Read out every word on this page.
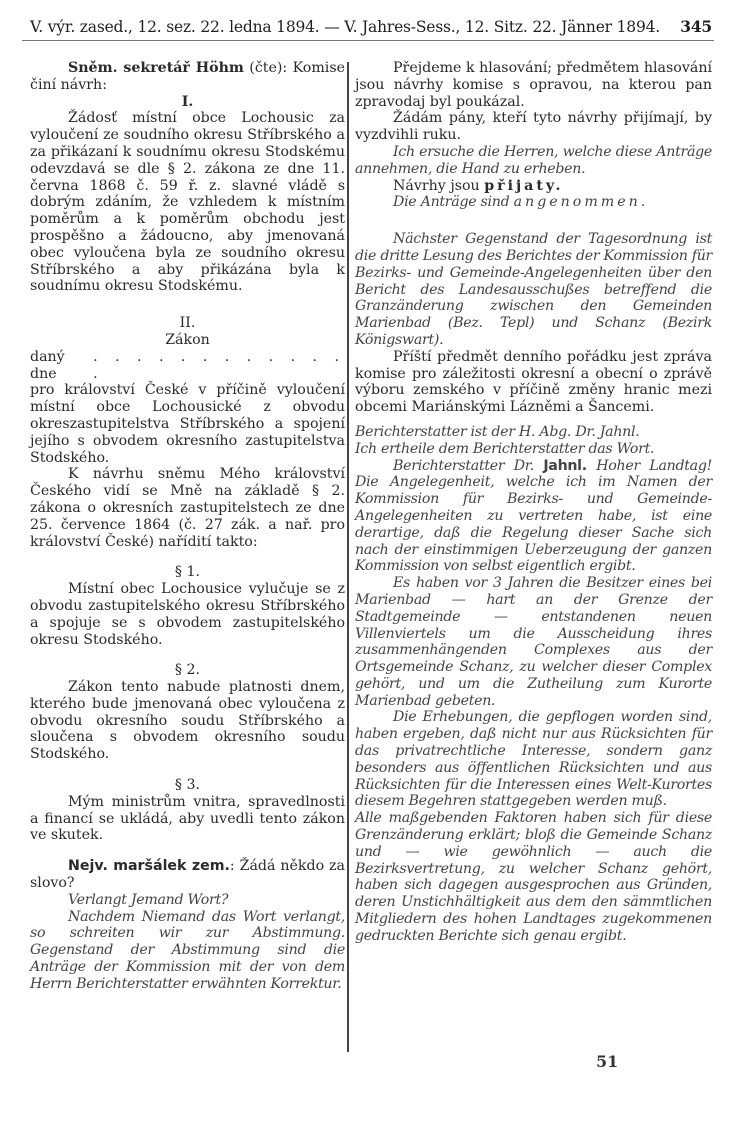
V. výr. zased., 12. sez. 22. ledna 1894. — V. Jahres-Sess., 12. Sitz. 22. Jänner 1894. 345

Sněm. sekretář Höhm (čte): Komise činí návrh:

I.

Žádosť místní obce Lochousic za vyloučení ze soudního okresu Stříbrského a za přikázaní k soudnímu okresu Stodskému odevzdavá se dle § 2. zákona ze dne 11. června 1868 č. 59 ř. z. slavné vládě s dobrým zdáním, že vzhledem k místním poměrům a k poměrům obchodu jest prospěšno a žádoucno, aby jmenovaná obec vyloučena byla ze soudního okresu Stříbrského a aby přikázána byla k soudnímu okresu Stodskému.

II.

Zákon

daný dne
. . . . . . . . . . . . .

pro království České v příčině vyloučení místní obce Lochousické z obvodu okreszastupitelstva Stříbrského a spojení jejího s obvodem okresního zastupitelstva Stodského.

K návrhu sněmu Mého království Českého vidí se Mně na základě § 2. zákona o okresních zastupitelstech ze dne 25. července 1864 (č. 27 zák. a nař. pro království České) nařídití takto:

§ 1.

Místní obec Lochousice vylučuje se z obvodu zastupitelského okresu Stříbrského a spojuje se s obvodem zastupitelského okresu Stodského.

§ 2.

Zákon tento nabude platnosti dnem, kterého bude jmenovaná obec vyloučena z obvodu okresního soudu Stříbrského a sloučena s obvodem okresního soudu Stodského.

§ 3.

Mým ministrům vnitra, spravedlnosti a financí se ukládá, aby uvedli tento zákon ve skutek.

Nejv. maršálek zem.: Žádá někdo za slovo?

Verlangt Jemand Wort?

Nachdem Niemand das Wort verlangt, so schreiten wir zur Abstimmung. Gegenstand der Abstimmung sind die Anträge der Kommission mit der von dem Herrn Berichterstatter erwähnten Korrektur.

Přejdeme k hlasování; předmětem hlasování jsou návrhy komise s opravou, na kterou pan zpravodaj byl poukázal.

Žádám pány, kteří tyto návrhy přijímají, by vyzdvihli ruku.

Ich ersuche die Herren, welche diese Anträge annehmen, die Hand zu erheben.

Návrhy jsou přijaty.

Die Anträge sind angenommen.

Nächster Gegenstand der Tagesordnung ist die dritte Lesung des Berichtes der Kommission für Bezirks- und Gemeinde-Angelegenheiten über den Bericht des Landesausschußes betreffend die Granzänderung zwischen den Gemeinden Marienbad (Bez. Tepl) und Schanz (Bezirk Königswart).

Příští předmět denního pořádku jest zpráva komise pro záležitosti okresní a obecní o zprávě výboru zemského v příčině změny hranic mezi obcemi Mariánskými Lázněmi a Šancemi.

Berichterstatter ist der H. Abg. Dr. Jahnl.

Ich ertheile dem Berichterstatter das Wort.

Berichterstatter Dr. Jahnl. Hoher Landtag! Die Angelegenheit, welche ich im Namen der Kommission für Bezirks- und Gemeinde-Angelegenheiten zu vertreten habe, ist eine derartige, daß die Regelung dieser Sache sich nach der einstimmigen Ueberzeugung der ganzen Kommission von selbst eigentlich ergibt.

Es haben vor 3 Jahren die Besitzer eines bei Marienbad — hart an der Grenze der Stadtgemeinde — entstandenen neuen Villenviertels um die Ausscheidung ihres zusammenhängenden Complexes aus der Ortsgemeinde Schanz, zu welcher dieser Complex gehört, und um die Zutheilung zum Kurorte Marienbad gebeten.

Die Erhebungen, die gepflogen worden sind, haben ergeben, daß nicht nur aus Rücksichten für das privatrechtliche Interesse, sondern ganz besonders aus öffentlichen Rücksichten und aus Rücksichten für die Interessen eines Welt-Kurortes diesem Begehren stattgegeben werden muß.

Alle maßgebenden Faktoren haben sich für diese Grenzänderung erklärt; bloß die Gemeinde Schanz und — wie gewöhnlich — auch die Bezirksvertretung, zu welcher Schanz gehört, haben sich dagegen ausgesprochen aus Gründen, deren Unstichhältigkeit aus dem den sämmtlichen Mitgliedern des hohen Landtages zugekommenen gedruckten Berichte sich genau ergibt.

51
